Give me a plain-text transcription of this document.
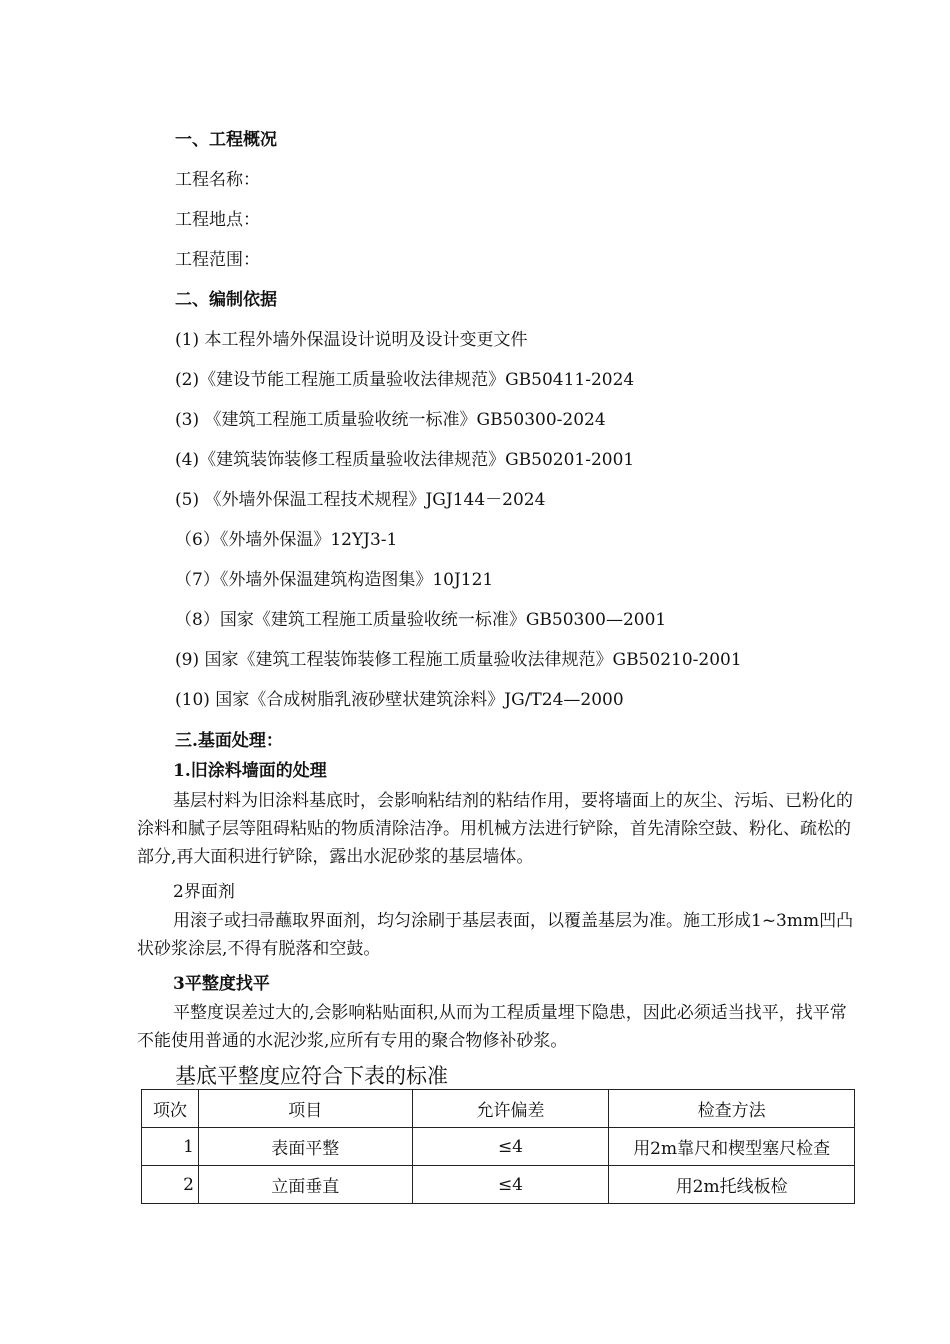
一、工程概况
工程名称：
工程地点：
工程范围：
二、编制依据
(1) 本工程外墙外保温设计说明及设计变更文件
(2)《建设节能工程施工质量验收法律规范》GB50411-2024
(3) 《建筑工程施工质量验收统一标准》GB50300-2024
(4)《建筑装饰装修工程质量验收法律规范》GB50201-2001
(5) 《外墙外保温工程技术规程》JGJ144－2024
（6）《外墙外保温》12YJ3-1
（7）《外墙外保温建筑构造图集》10J121
（8）国家《建筑工程施工质量验收统一标准》GB50300—2001
(9) 国家《建筑工程装饰装修工程施工质量验收法律规范》GB50210-2001
(10) 国家《合成树脂乳液砂壁状建筑涂料》JG/T24—2000
三.基面处理：
1.旧涂料墙面的处理

基层村料为旧涂料基底时，会影响粘结剂的粘结作用，要将墙面上的灰尘、污垢、已粉化的涂料和腻子层等阻碍粘贴的物质清除洁净。用机械方法进行铲除，首先清除空鼓、粉化、疏松的部分,再大面积进行铲除，露出水泥砂浆的基层墙体。

2界面剂

用滚子或扫帚蘸取界面剂，均匀涂刷于基层表面，以覆盖基层为准。施工形成1~3mm凹凸状砂浆涂层,不得有脱落和空鼓。

3平整度找平

平整度误差过大的,会影响粘贴面积,从而为工程质量埋下隐患，因此必须适当找平，找平常不能使用普通的水泥沙浆,应所有专用的聚合物修补砂浆。

基底平整度应符合下表的标准
项次	项目	允许偏差	检查方法
1	表面平整	≤4	用2m靠尺和楔型塞尺检查
2	立面垂直	≤4	用2m托线板检
